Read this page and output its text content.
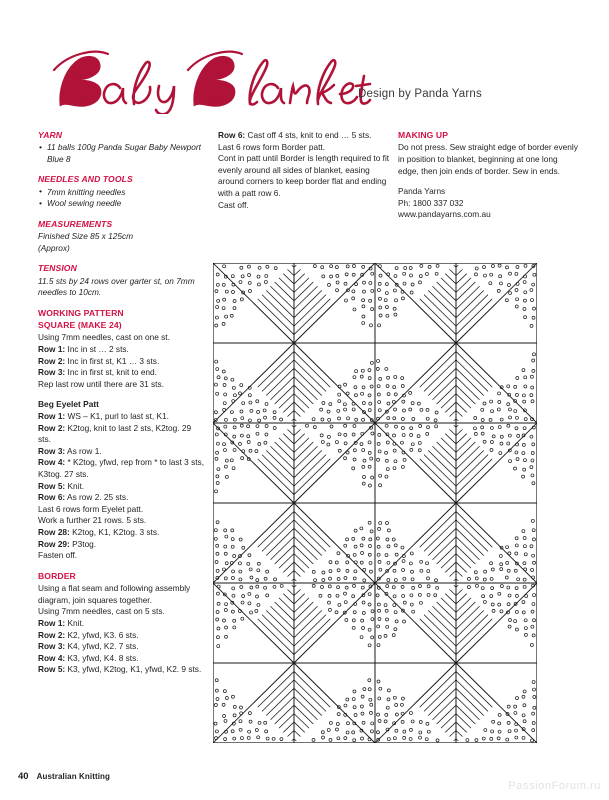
Design by Panda Yarns
YARN
• 11 balls 100g Panda Sugar Baby Newport Blue 8
NEEDLES AND TOOLS
• 7mm knitting needles
• Wool sewing needle
MEASUREMENTS

Finished Size 85 x 125cm

(Approx)

TENSION

11.5 sts by 24 rows over garter st, on 7mm needles to 10cm.

WORKING PATTERN
SQUARE (MAKE 24)

Using 7mm needles, cast on one st.

Row 1: Inc in st … 2 sts.

Row 2: Inc in first st, K1 … 3 sts.

Row 3: Inc in first st, knit to end.

Rep last row until there are 31 sts.

Beg Eyelet Patt

Row 1: WS – K1, purl to last st, K1.

Row 2: K2tog, knit to last 2 sts, K2tog. 29 sts.

Row 3: As row 1.

Row 4: * K2tog, yfwd, rep from * to last 3 sts, K3tog. 27 sts.

Row 5: Knit.

Row 6: As row 2. 25 sts.

Last 6 rows form Eyelet patt.

Work a further 21 rows. 5 sts.

Row 28: K2tog, K1, K2tog. 3 sts.

Row 29: P3tog.

Fasten off.

BORDER

Using a flat seam and following assembly diagram, join squares together.

Using 7mm needles, cast on 5 sts.

Row 1: Knit.

Row 2: K2, yfwd, K3. 6 sts.

Row 3: K4, yfwd, K2. 7 sts.

Row 4: K3, yfwd, K4. 8 sts.

Row 5: K3, yfwd, K2tog, K1, yfwd, K2. 9 sts.

Row 6: Cast off 4 sts, knit to end … 5 sts.

Last 6 rows form Border patt.

Cont in patt until Border is length required to fit evenly around all sides of blanket, easing around corners to keep border flat and ending with a patt row 6.

Cast off.

MAKING UP

Do not press. Sew straight edge of border evenly in position to blanket, beginning at one long edge, then join ends of border. Sew in ends.

Panda Yarns

Ph: 1800 337 032

www.pandayarns.com.au

40 Australian Knitting
PassionForum.ru
